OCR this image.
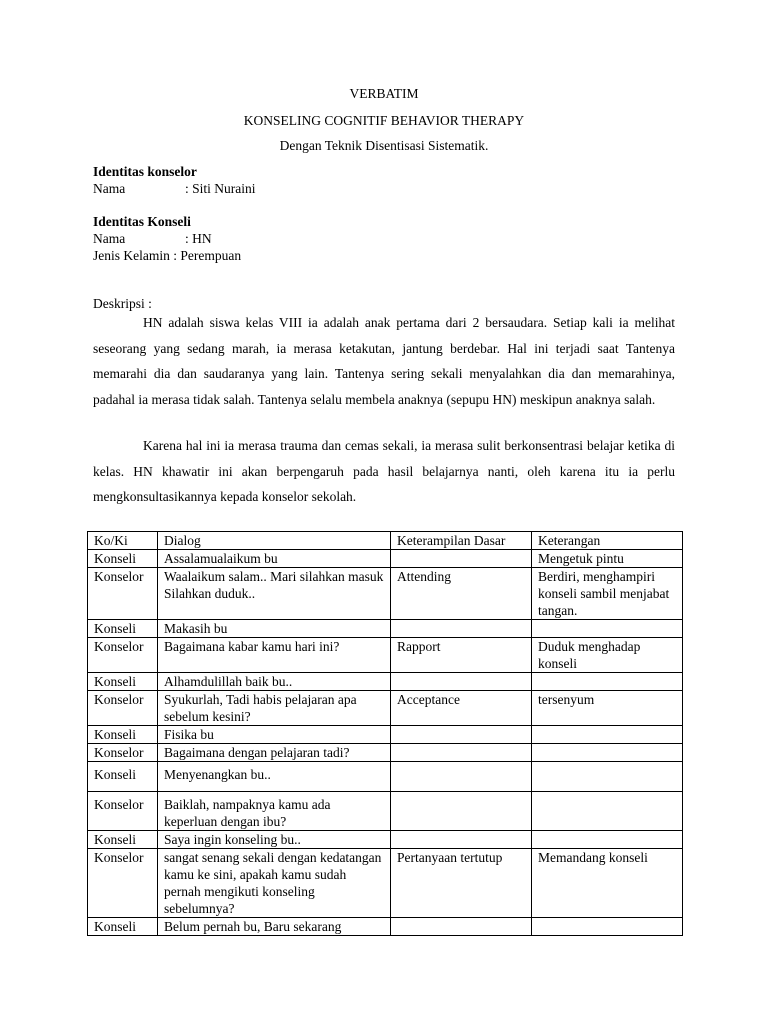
VERBATIM
KONSELING COGNITIF BEHAVIOR THERAPY
Dengan Teknik Disentisasi Sistematik.
Identitas konselor
Nama	: Siti Nuraini
Identitas Konseli
Nama	: HN
Jenis Kelamin : Perempuan
Deskripsi :
HN adalah siswa kelas VIII ia adalah anak pertama dari 2 bersaudara. Setiap kali ia melihat seseorang yang sedang marah, ia merasa ketakutan, jantung berdebar. Hal ini terjadi saat Tantenya memarahi dia dan saudaranya yang lain. Tantenya sering sekali menyalahkan dia dan memarahinya, padahal ia merasa tidak salah. Tantenya selalu membela anaknya (sepupu HN) meskipun anaknya salah.
Karena hal ini ia merasa trauma dan cemas sekali, ia merasa sulit berkonsentrasi belajar ketika di kelas. HN khawatir ini akan berpengaruh pada hasil belajarnya nanti, oleh karena itu ia perlu mengkonsultasikannya kepada konselor sekolah.
Ko/Ki	Dialog	Keterampilan Dasar	Keterangan
Konseli	Assalamualaikum bu		Mengetuk pintu
Konselor	Waalaikum salam.. Mari silahkan masuk Silahkan duduk..	Attending	Berdiri, menghampiri konseli sambil menjabat tangan.
Konseli	Makasih bu		
Konselor	Bagaimana kabar kamu hari ini?	Rapport	Duduk menghadap konseli
Konseli	Alhamdulillah baik bu..		
Konselor	Syukurlah, Tadi habis pelajaran apa sebelum kesini?	Acceptance	tersenyum
Konseli	Fisika bu		
Konselor	Bagaimana dengan pelajaran tadi?		
Konseli	Menyenangkan bu..		
Konselor	Baiklah, nampaknya kamu ada keperluan dengan ibu?		
Konseli	Saya ingin konseling bu..		
Konselor	sangat senang sekali dengan kedatangan kamu ke sini, apakah kamu sudah pernah mengikuti konseling sebelumnya?	Pertanyaan tertutup	Memandang konseli
Konseli	Belum pernah bu, Baru sekarang		
